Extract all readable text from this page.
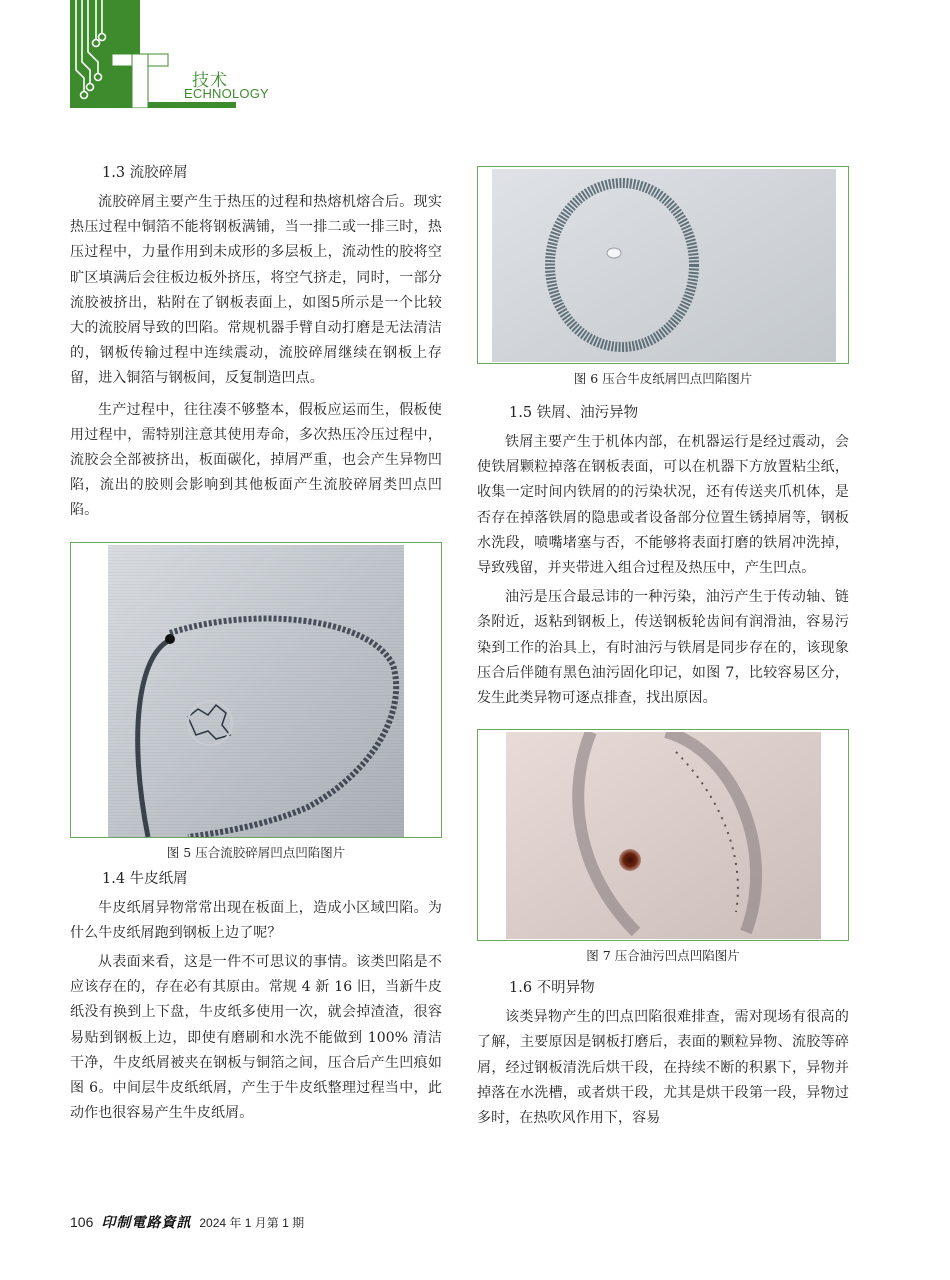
技术
ECHNOLOGY
1.3 流胶碎屑

流胶碎屑主要产生于热压的过程和热熔机熔合后。现实热压过程中铜箔不能将钢板满铺，当一排二或一排三时，热压过程中，力量作用到未成形的多层板上，流动性的胶将空旷区填满后会往板边板外挤压，将空气挤走，同时，一部分流胶被挤出，粘附在了钢板表面上，如图5所示是一个比较大的流胶屑导致的凹陷。常规机器手臂自动打磨是无法清洁的，钢板传输过程中连续震动，流胶碎屑继续在钢板上存留，进入铜箔与钢板间，反复制造凹点。

生产过程中，往往凑不够整本，假板应运而生，假板使用过程中，需特别注意其使用寿命，多次热压冷压过程中，流胶会全部被挤出，板面碳化，掉屑严重，也会产生异物凹陷，流出的胶则会影响到其他板面产生流胶碎屑类凹点凹陷。

图 5 压合流胶碎屑凹点凹陷图片
1.4 牛皮纸屑

牛皮纸屑异物常常出现在板面上，造成小区域凹陷。为什么牛皮纸屑跑到钢板上边了呢？

从表面来看，这是一件不可思议的事情。该类凹陷是不应该存在的，存在必有其原由。常规 4 新 16 旧，当新牛皮纸没有换到上下盘，牛皮纸多使用一次，就会掉渣渣，很容易贴到钢板上边，即使有磨刷和水洗不能做到 100% 清洁干净，牛皮纸屑被夹在钢板与铜箔之间，压合后产生凹痕如图 6。中间层牛皮纸纸屑，产生于牛皮纸整理过程当中，此动作也很容易产生牛皮纸屑。

图 6 压合牛皮纸屑凹点凹陷图片
1.5 铁屑、油污异物

铁屑主要产生于机体内部，在机器运行是经过震动，会使铁屑颗粒掉落在钢板表面，可以在机器下方放置粘尘纸，收集一定时间内铁屑的的污染状况，还有传送夹爪机体，是否存在掉落铁屑的隐患或者设备部分位置生锈掉屑等，钢板水洗段，喷嘴堵塞与否，不能够将表面打磨的铁屑冲洗掉，导致残留，并夹带进入组合过程及热压中，产生凹点。

油污是压合最忌讳的一种污染，油污产生于传动轴、链条附近，返粘到钢板上，传送钢板轮齿间有润滑油，容易污染到工作的治具上，有时油污与铁屑是同步存在的，该现象压合后伴随有黑色油污固化印记，如图 7，比较容易区分，发生此类异物可逐点排查，找出原因。

图 7 压合油污凹点凹陷图片
1.6 不明异物

该类异物产生的凹点凹陷很难排查，需对现场有很高的了解，主要原因是钢板打磨后，表面的颗粒异物、流胶等碎屑，经过钢板清洗后烘干段，在持续不断的积累下，异物并掉落在水洗槽，或者烘干段，尤其是烘干段第一段，异物过多时，在热吹风作用下，容易

106 印制電路資訊 2024 年 1 月第 1 期
